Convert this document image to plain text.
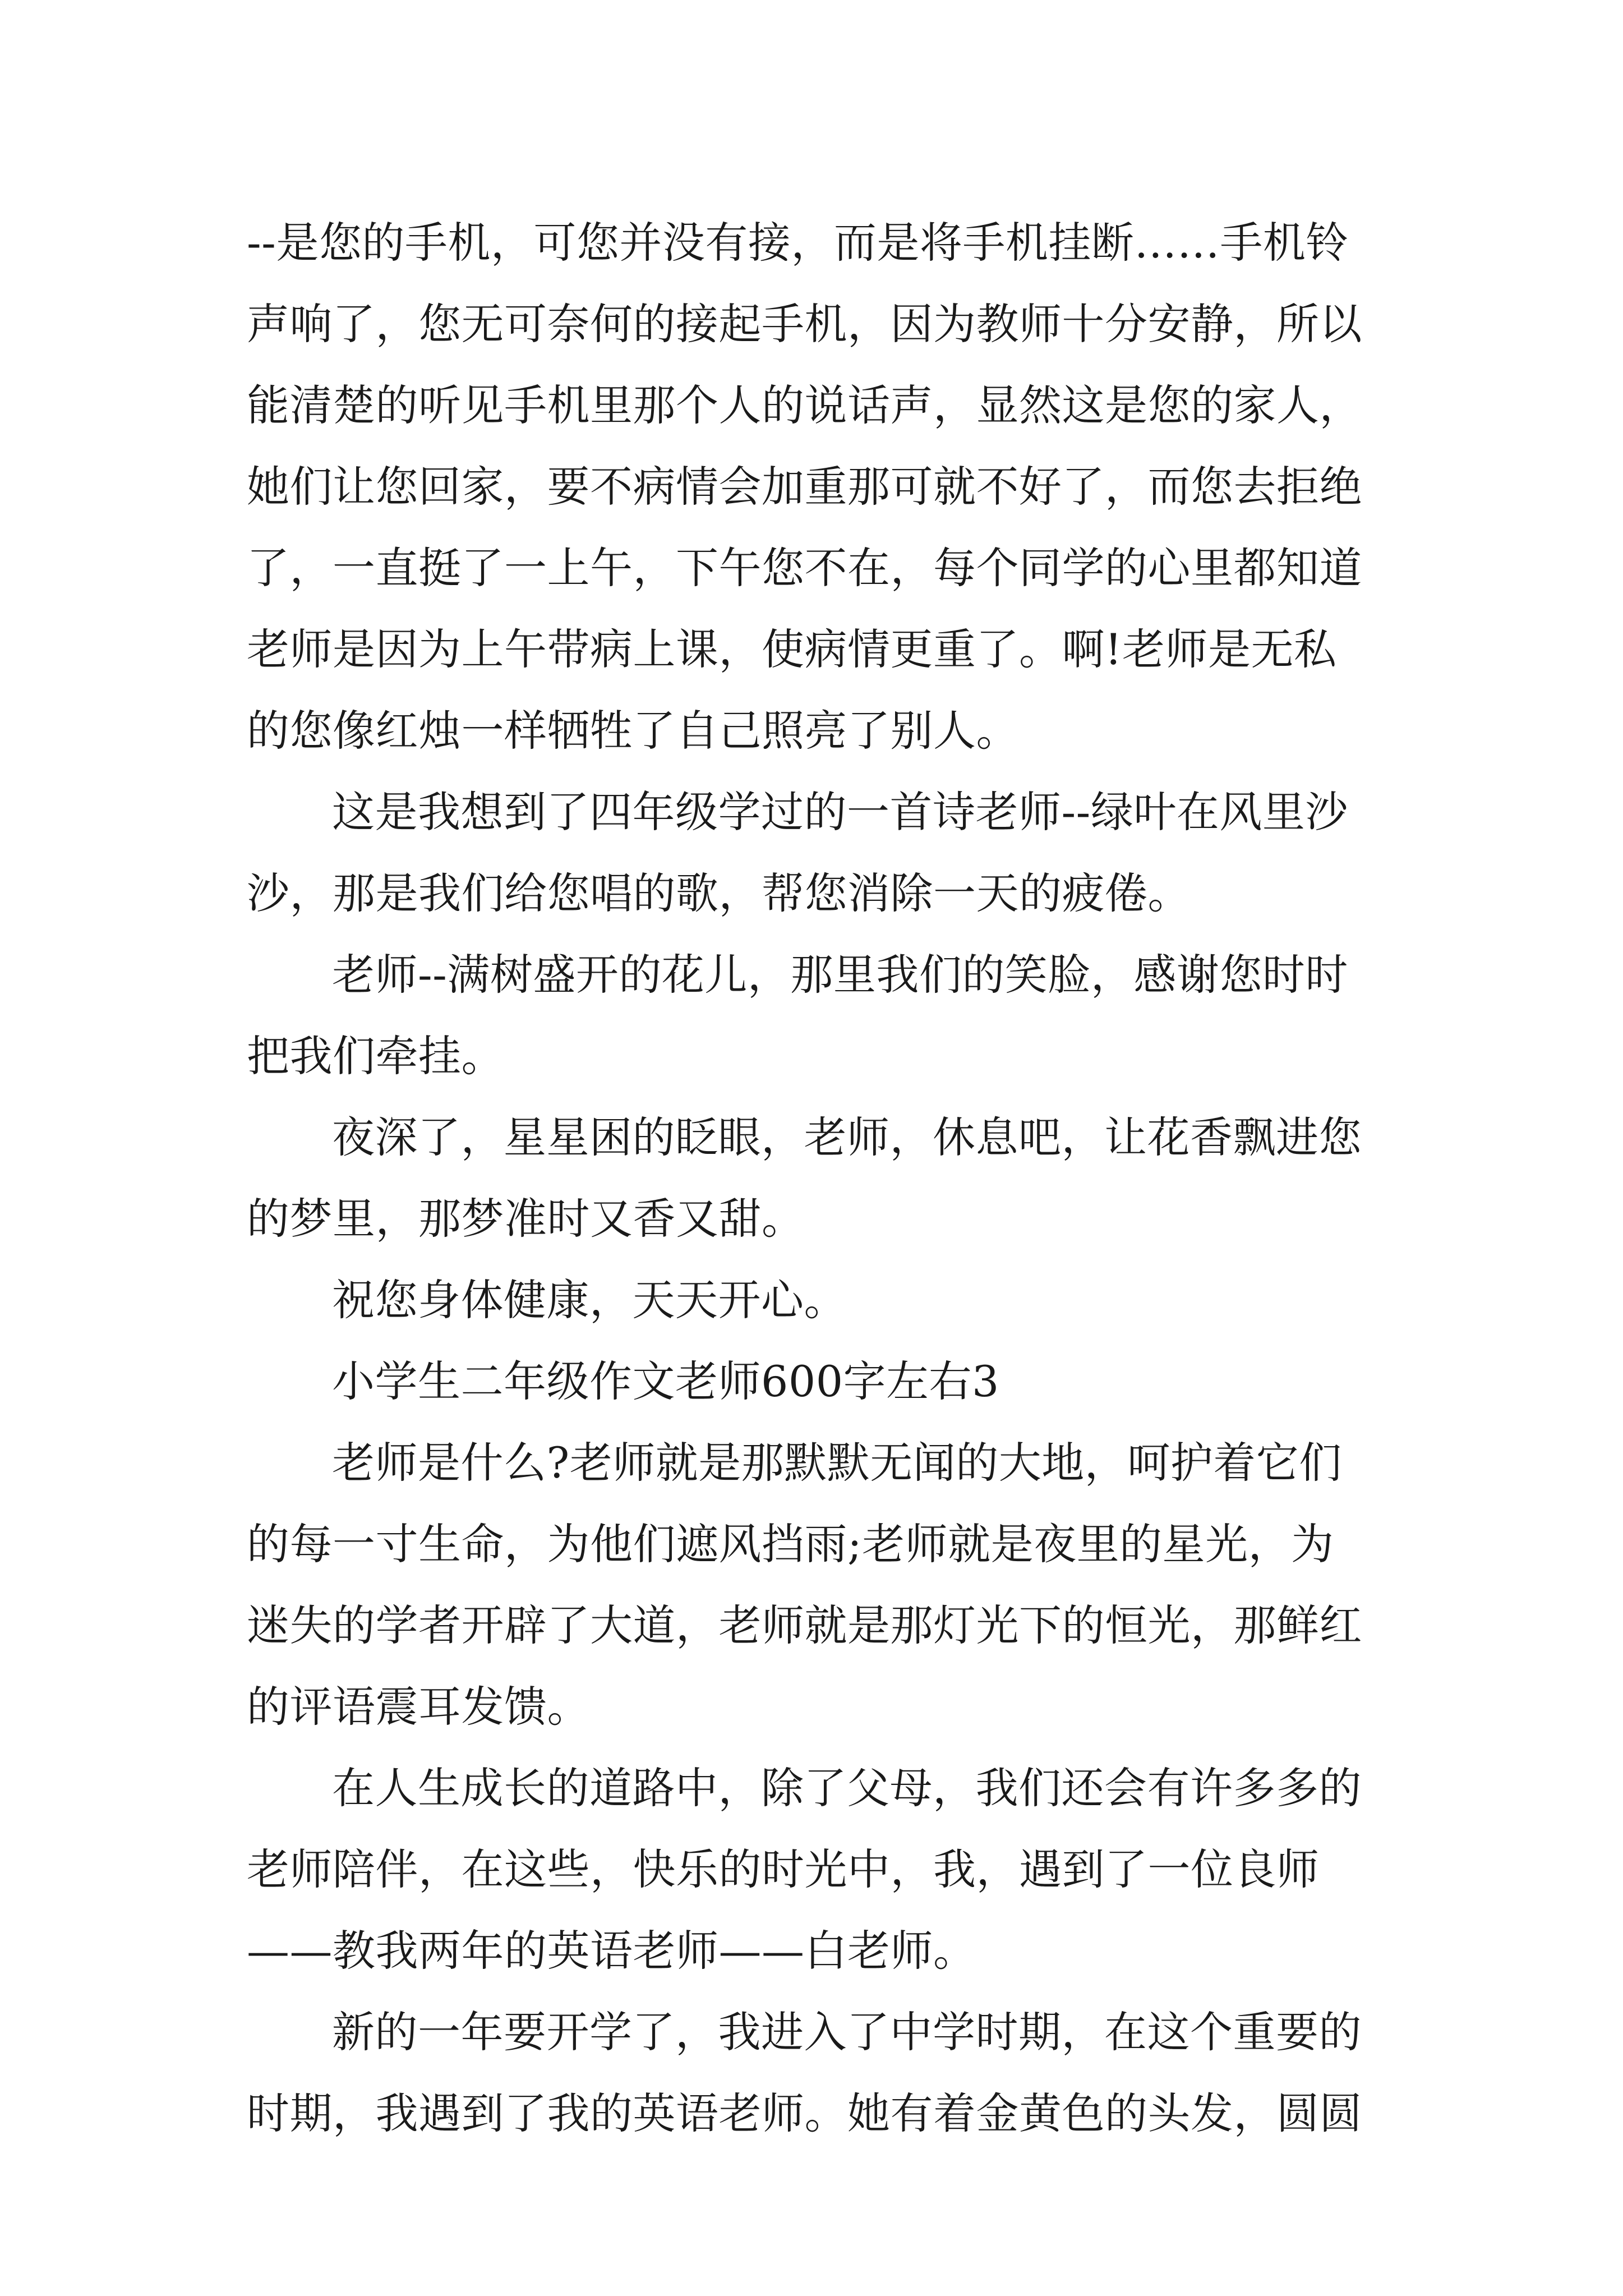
--是您的手机，可您并没有接，而是将手机挂断……手机铃
声响了，您无可奈何的接起手机，因为教师十分安静，所以
能清楚的听见手机里那个人的说话声，显然这是您的家人，
她们让您回家，要不病情会加重那可就不好了，而您去拒绝
了，一直挺了一上午，下午您不在，每个同学的心里都知道
老师是因为上午带病上课，使病情更重了。啊!老师是无私
的您像红烛一样牺牲了自己照亮了别人。
这是我想到了四年级学过的一首诗老师--绿叶在风里沙
沙，那是我们给您唱的歌，帮您消除一天的疲倦。
老师--满树盛开的花儿，那里我们的笑脸，感谢您时时
把我们牵挂。
夜深了，星星困的眨眼，老师，休息吧，让花香飘进您
的梦里，那梦准时又香又甜。
祝您身体健康，天天开心。
小学生二年级作文老师600字左右3
老师是什么?老师就是那默默无闻的大地，呵护着它们
的每一寸生命，为他们遮风挡雨;老师就是夜里的星光，为
迷失的学者开辟了大道，老师就是那灯光下的恒光，那鲜红
的评语震耳发馈。
在人生成长的道路中，除了父母，我们还会有许多多的
老师陪伴，在这些，快乐的时光中，我，遇到了一位良师
——教我两年的英语老师——白老师。
新的一年要开学了，我进入了中学时期，在这个重要的
时期，我遇到了我的英语老师。她有着金黄色的头发，圆圆
